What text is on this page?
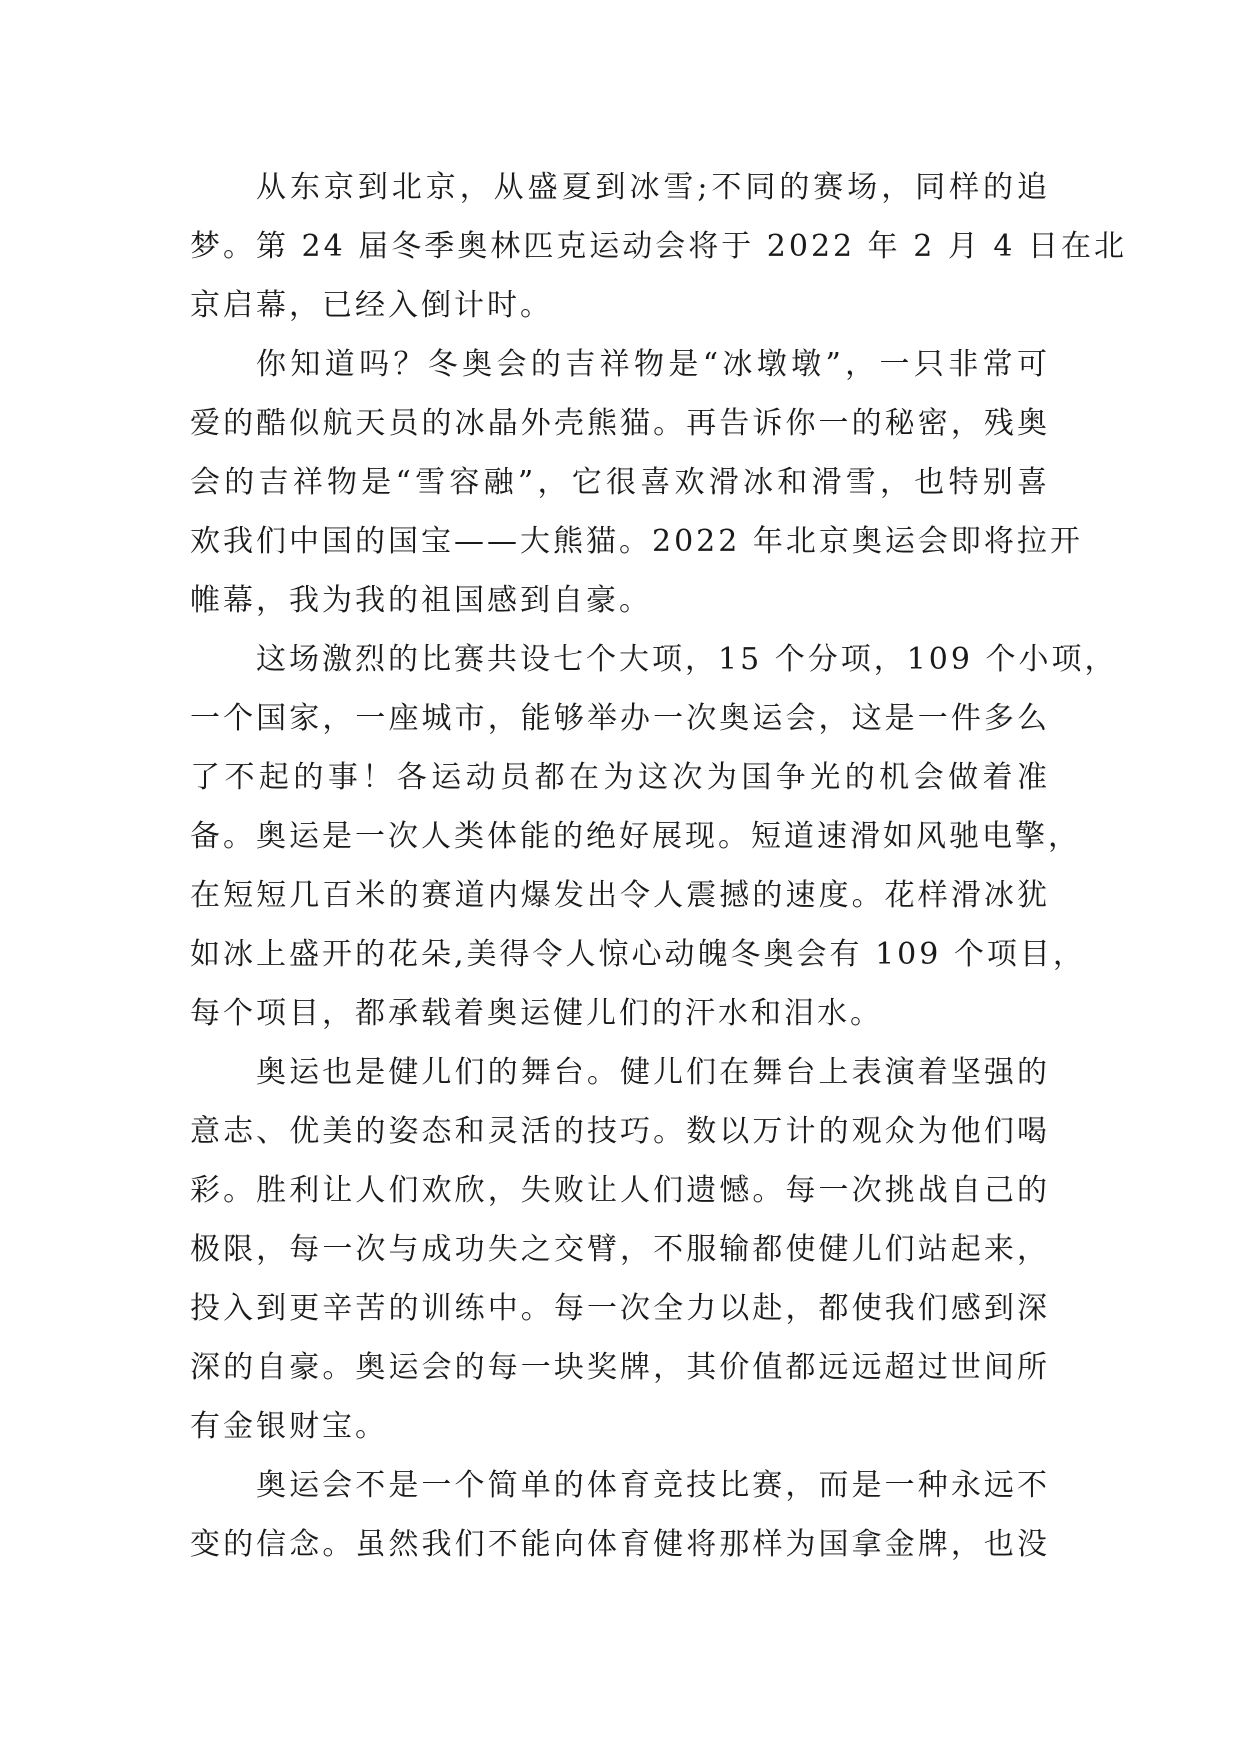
从东京到北京，从盛夏到冰雪;不同的赛场，同样的追
梦。第 24 届冬季奥林匹克运动会将于 2022 年 2 月 4 日在北
京启幕，已经入倒计时。
你知道吗？冬奥会的吉祥物是“冰墩墩”，一只非常可
爱的酷似航天员的冰晶外壳熊猫。再告诉你一的秘密，残奥
会的吉祥物是“雪容融”，它很喜欢滑冰和滑雪，也特别喜
欢我们中国的国宝——大熊猫。2022 年北京奥运会即将拉开
帷幕，我为我的祖国感到自豪。
这场激烈的比赛共设七个大项，15 个分项，109 个小项，
一个国家，一座城市，能够举办一次奥运会，这是一件多么
了不起的事！各运动员都在为这次为国争光的机会做着准
备。奥运是一次人类体能的绝好展现。短道速滑如风驰电擎，
在短短几百米的赛道内爆发出令人震撼的速度。花样滑冰犹
如冰上盛开的花朵,美得令人惊心动魄冬奥会有 109 个项目，
每个项目，都承载着奥运健儿们的汗水和泪水。
奥运也是健儿们的舞台。健儿们在舞台上表演着坚强的
意志、优美的姿态和灵活的技巧。数以万计的观众为他们喝
彩。胜利让人们欢欣，失败让人们遗憾。每一次挑战自己的
极限，每一次与成功失之交臂，不服输都使健儿们站起来，
投入到更辛苦的训练中。每一次全力以赴，都使我们感到深
深的自豪。奥运会的每一块奖牌，其价值都远远超过世间所
有金银财宝。
奥运会不是一个简单的体育竞技比赛，而是一种永远不
变的信念。虽然我们不能向体育健将那样为国拿金牌，也没
